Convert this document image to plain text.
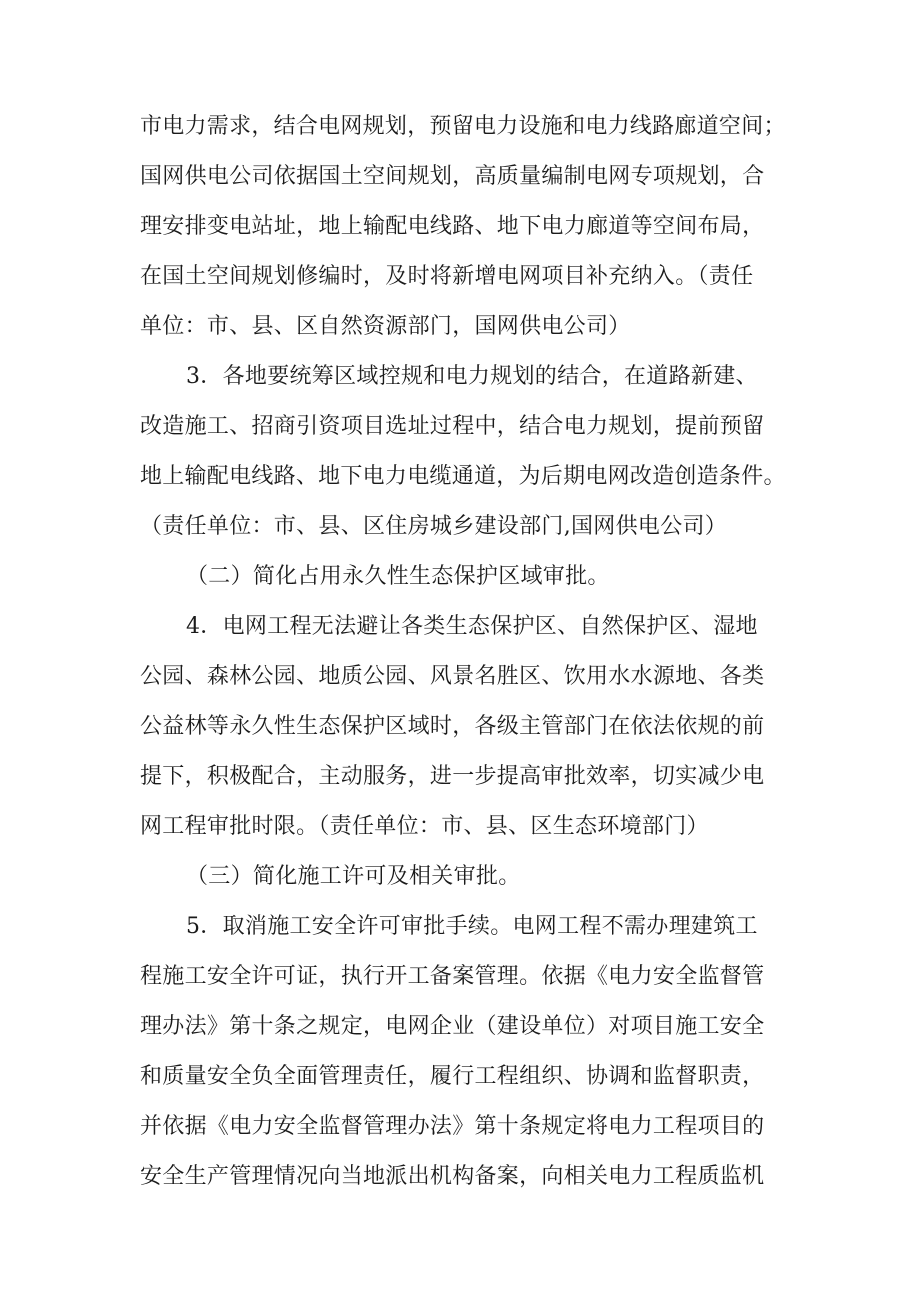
市电力需求，结合电网规划，预留电力设施和电力线路廊道空间；
国网供电公司依据国土空间规划，高质量编制电网专项规划，合
理安排变电站址，地上输配电线路、地下电力廊道等空间布局，
在国土空间规划修编时，及时将新增电网项目补充纳入。（责任
单位：市、县、区自然资源部门，国网供电公司）
3．各地要统筹区域控规和电力规划的结合，在道路新建、
改造施工、招商引资项目选址过程中，结合电力规划，提前预留
地上输配电线路、地下电力电缆通道，为后期电网改造创造条件。
（责任单位：市、县、区住房城乡建设部门,国网供电公司）
（二）简化占用永久性生态保护区域审批。
4．电网工程无法避让各类生态保护区、自然保护区、湿地
公园、森林公园、地质公园、风景名胜区、饮用水水源地、各类
公益林等永久性生态保护区域时，各级主管部门在依法依规的前
提下，积极配合，主动服务，进一步提高审批效率，切实减少电
网工程审批时限。（责任单位：市、县、区生态环境部门）
（三）简化施工许可及相关审批。
5．取消施工安全许可审批手续。电网工程不需办理建筑工
程施工安全许可证，执行开工备案管理。依据《电力安全监督管
理办法》第十条之规定，电网企业（建设单位）对项目施工安全
和质量安全负全面管理责任，履行工程组织、协调和监督职责，
并依据《电力安全监督管理办法》第十条规定将电力工程项目的
安全生产管理情况向当地派出机构备案，向相关电力工程质监机
